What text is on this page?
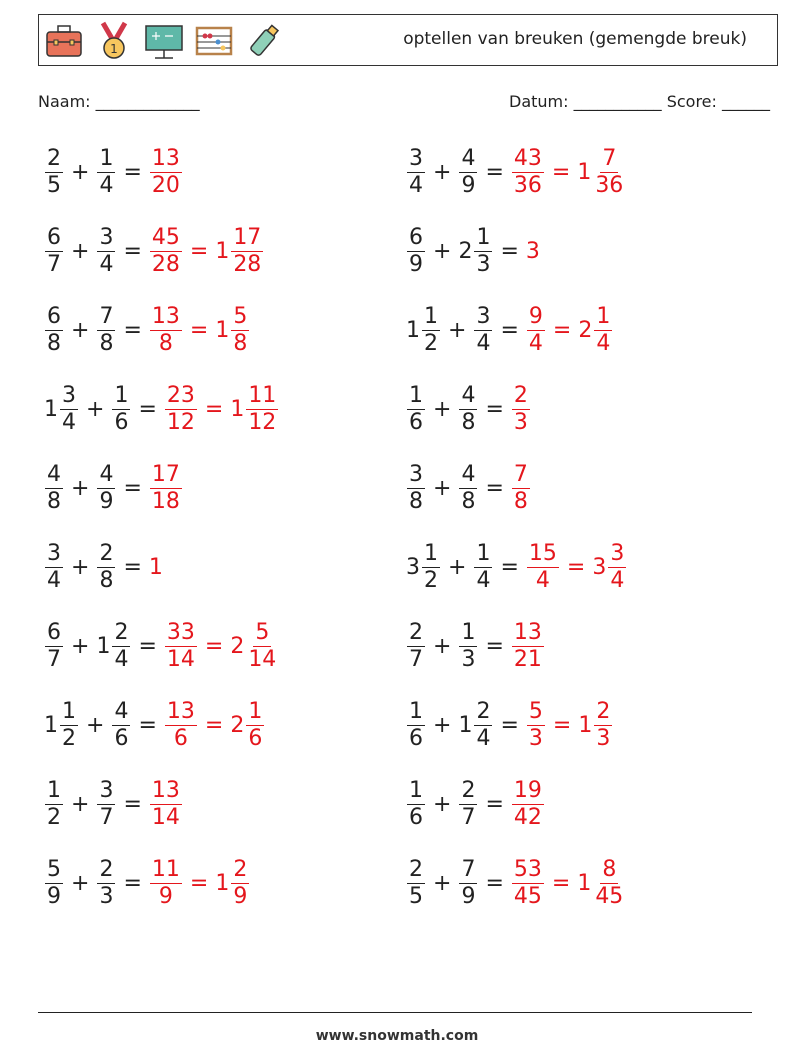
1	optellen van breuken (gemengde breuk)
Naam: _____________	Datum: ___________ Score: ______
$\frac{2}{5} + \frac{1}{4} = \frac{13}{20}$	$\frac{3}{4} + \frac{4}{9} = \frac{43}{36} = 1 \frac{7}{36}$
$\frac{6}{7} + \frac{3}{4} = \frac{45}{28} = 1 \frac{17}{28}$	$\frac{6}{9} + 2 \frac{1}{3} = 3$
$\frac{6}{8} + \frac{7}{8} = \frac{13}{8} = 1 \frac{5}{8}$	$1 \frac{1}{2} + \frac{3}{4} = \frac{9}{4} = 2 \frac{1}{4}$
$1 \frac{3}{4} + \frac{1}{6} = \frac{23}{12} = 1 \frac{11}{12}$	$\frac{1}{6} + \frac{4}{8} = \frac{2}{3}$
$\frac{4}{8} + \frac{4}{9} = \frac{17}{18}$	$\frac{3}{8} + \frac{4}{8} = \frac{7}{8}$
$\frac{3}{4} + \frac{2}{8} = 1$	$3 \frac{1}{2} + \frac{1}{4} = \frac{15}{4} = 3 \frac{3}{4}$
$\frac{6}{7} + 1 \frac{2}{4} = \frac{33}{14} = 2 \frac{5}{14}$	$\frac{2}{7} + \frac{1}{3} = \frac{13}{21}$
$1 \frac{1}{2} + \frac{4}{6} = \frac{13}{6} = 2 \frac{1}{6}$	$\frac{1}{6} + 1 \frac{2}{4} = \frac{5}{3} = 1 \frac{2}{3}$
$\frac{1}{2} + \frac{3}{7} = \frac{13}{14}$	$\frac{1}{6} + \frac{2}{7} = \frac{19}{42}$
$\frac{5}{9} + \frac{2}{3} = \frac{11}{9} = 1 \frac{2}{9}$	$\frac{2}{5} + \frac{7}{9} = \frac{53}{45} = 1 \frac{8}{45}$
www.snowmath.com
